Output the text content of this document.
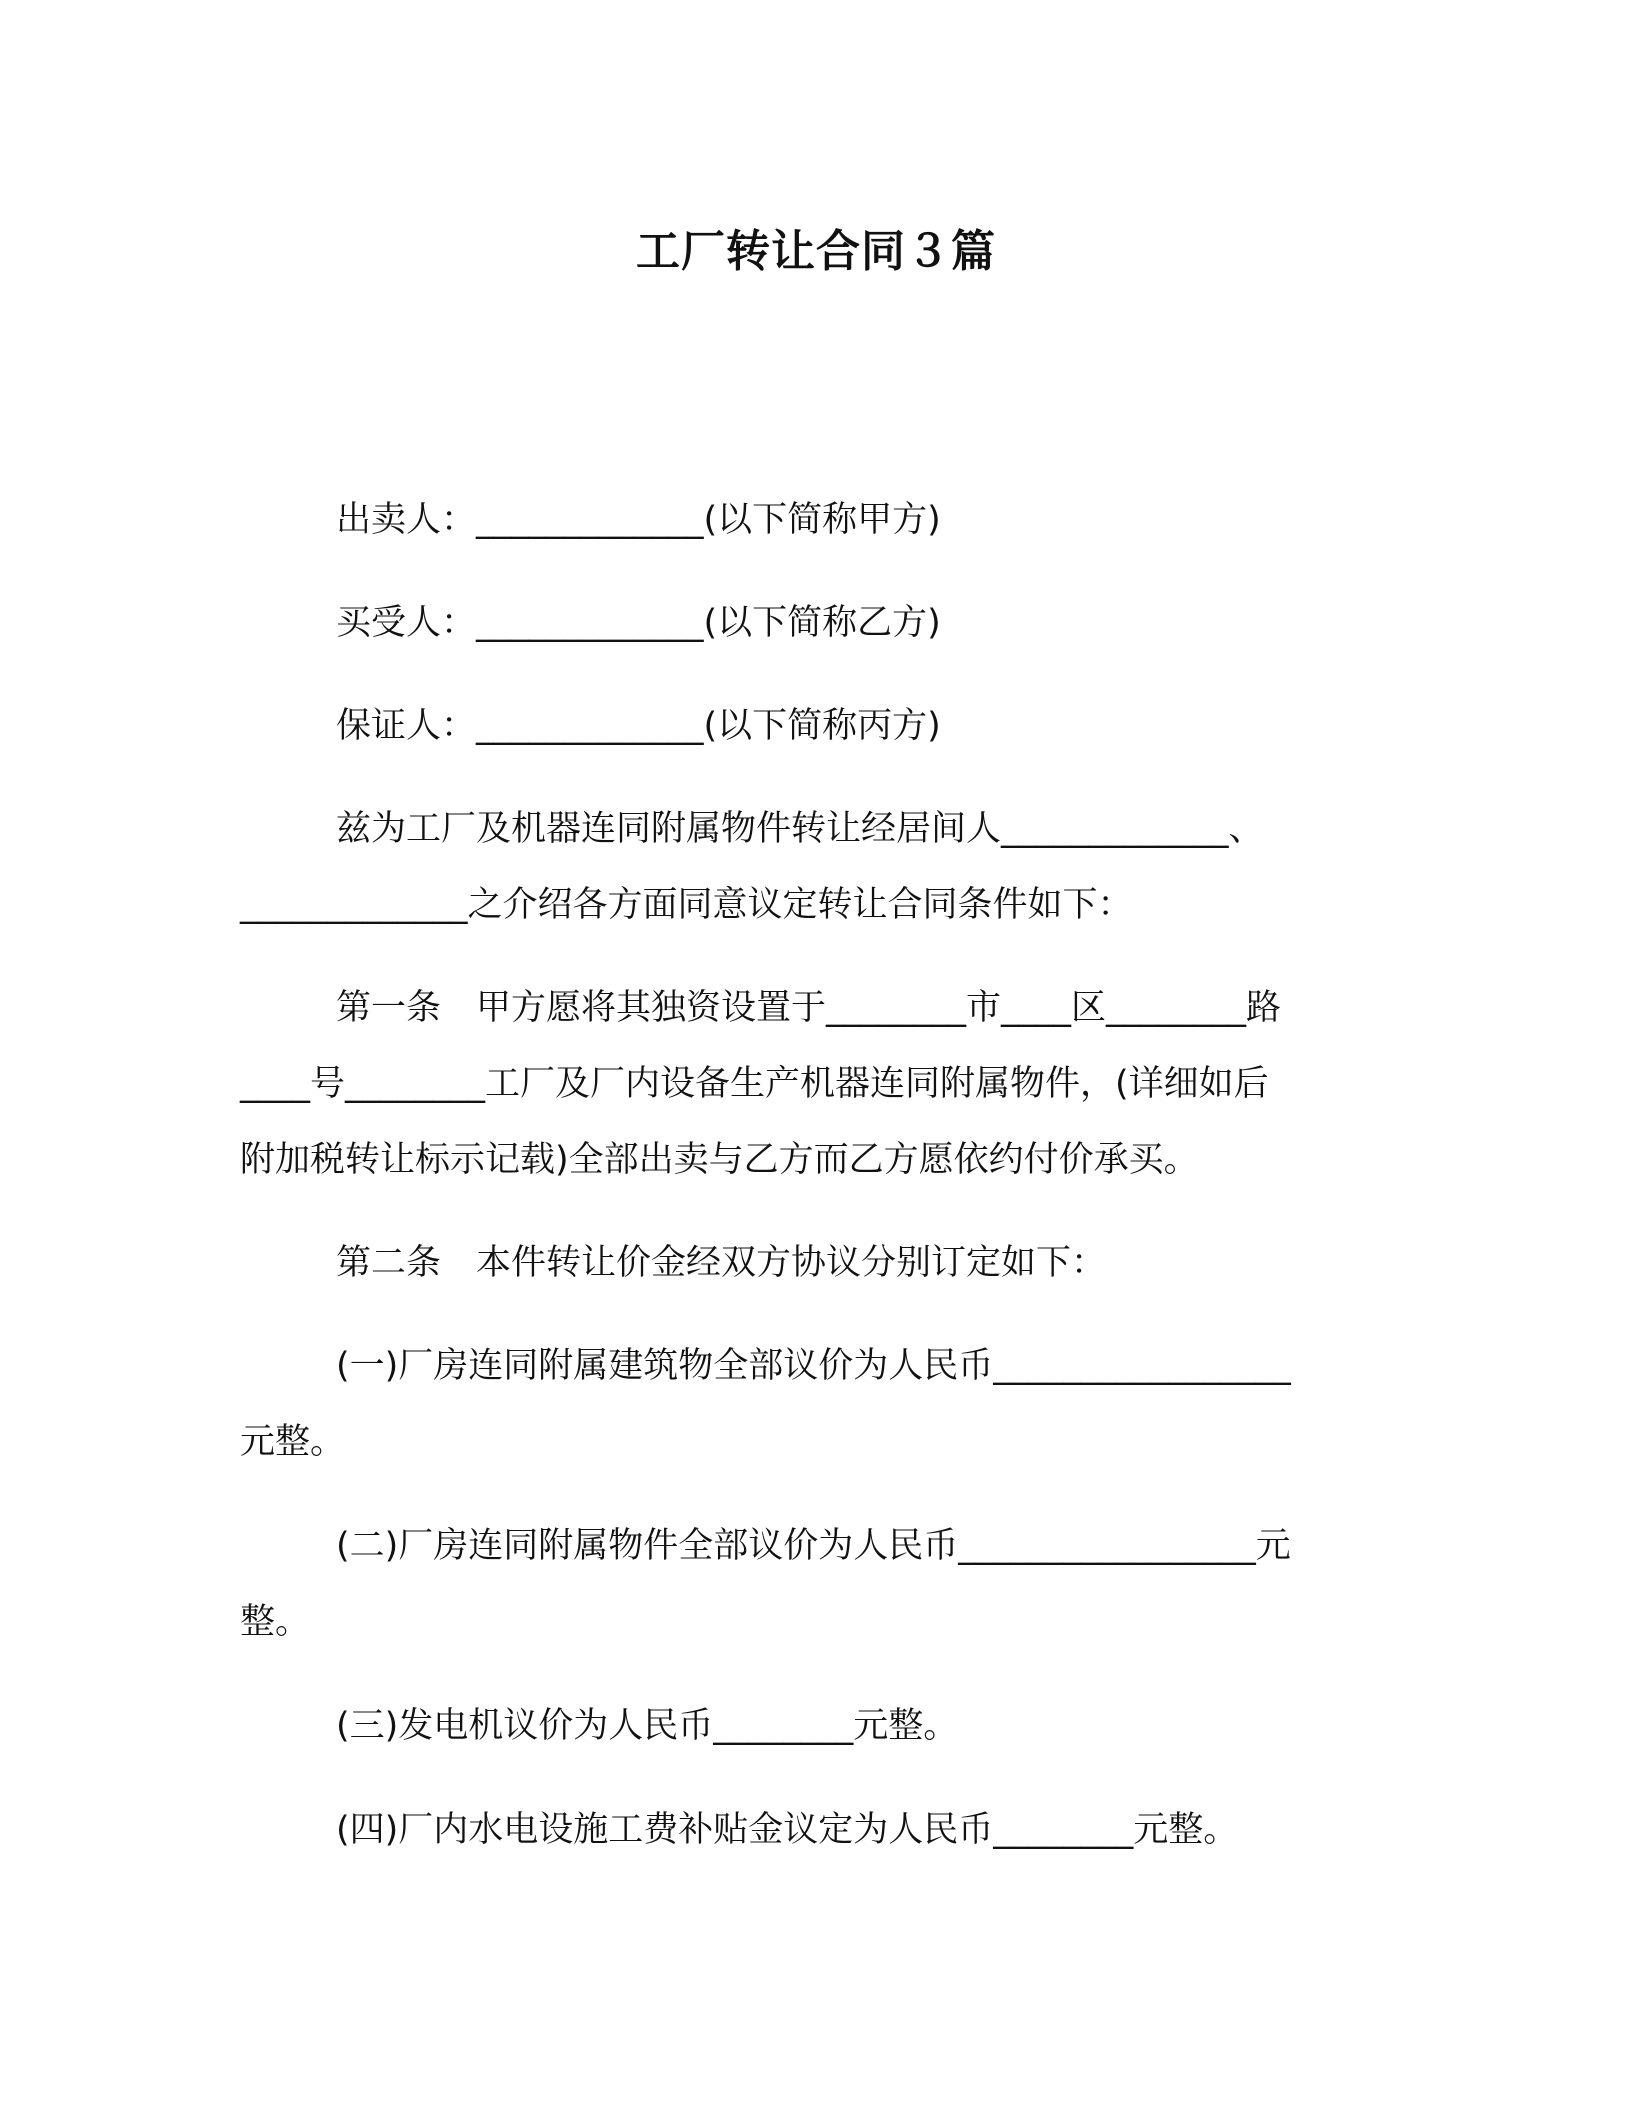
工厂转让合同３篇
出卖人：_____________(以下简称甲方)
买受人：_____________(以下简称乙方)
保证人：_____________(以下简称丙方)
兹为工厂及机器连同附属物件转让经居间人_____________、
_____________之介绍各方面同意议定转让合同条件如下：
第一条　甲方愿将其独资设置于________市____区________路
____号________工厂及厂内设备生产机器连同附属物件，(详细如后
附加税转让标示记载)全部出卖与乙方而乙方愿依约付价承买。
第二条　本件转让价金经双方协议分别订定如下：
(一)厂房连同附属建筑物全部议价为人民币_________________
元整。
(二)厂房连同附属物件全部议价为人民币_________________元
整。
(三)发电机议价为人民币________元整。
(四)厂内水电设施工费补贴金议定为人民币________元整。
